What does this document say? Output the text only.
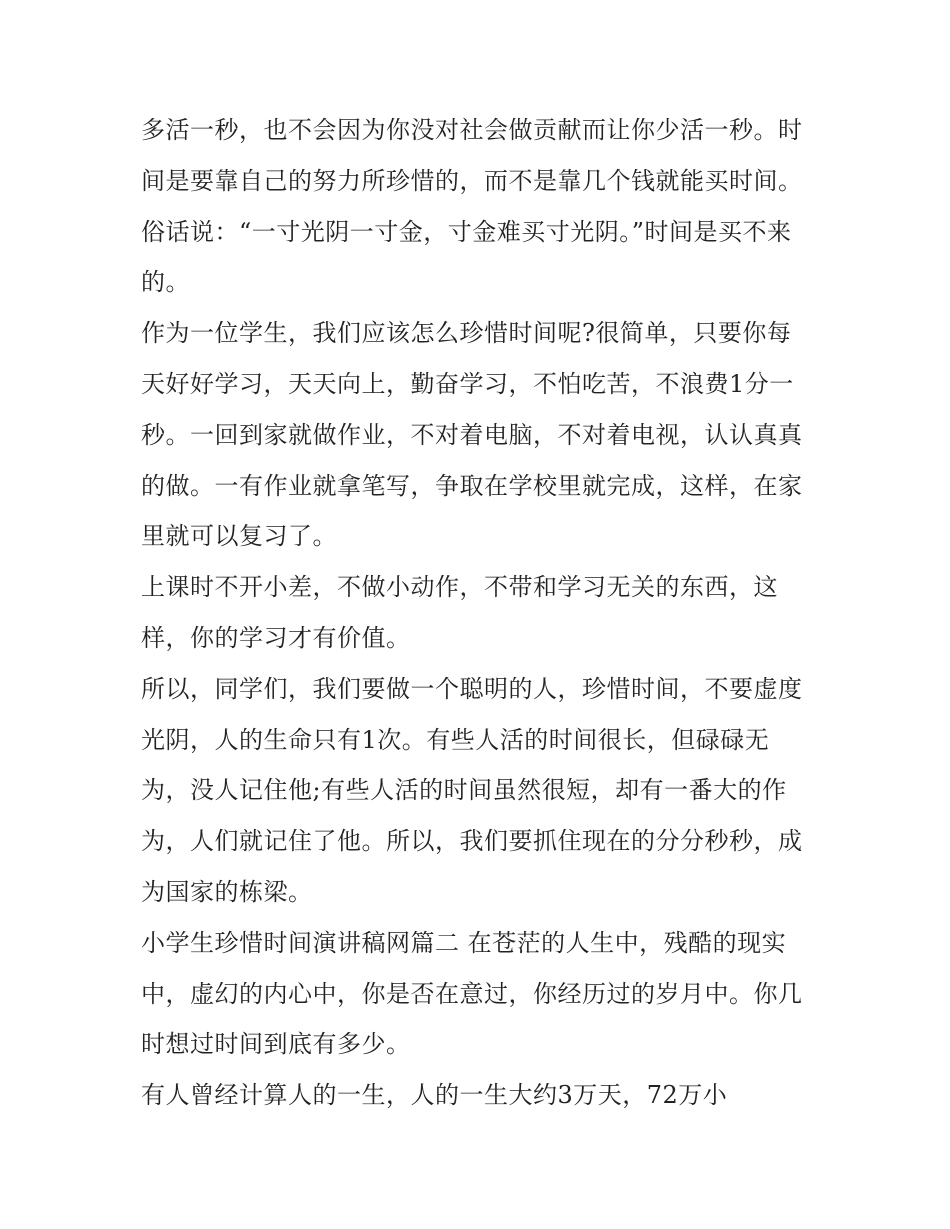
多活一秒，也不会因为你没对社会做贡献而让你少活一秒。时
间是要靠自己的努力所珍惜的，而不是靠几个钱就能买时间。
俗话说：“一寸光阴一寸金，寸金难买寸光阴。”时间是买不来
的。
作为一位学生，我们应该怎么珍惜时间呢?很简单，只要你每
天好好学习，天天向上，勤奋学习，不怕吃苦，不浪费1分一
秒。一回到家就做作业，不对着电脑，不对着电视，认认真真
的做。一有作业就拿笔写，争取在学校里就完成，这样，在家
里就可以复习了。
上课时不开小差，不做小动作，不带和学习无关的东西，这
样，你的学习才有价值。
所以，同学们，我们要做一个聪明的人，珍惜时间，不要虚度
光阴，人的生命只有1次。有些人活的时间很长，但碌碌无
为，没人记住他;有些人活的时间虽然很短，却有一番大的作
为，人们就记住了他。所以，我们要抓住现在的分分秒秒，成
为国家的栋梁。
小学生珍惜时间演讲稿网篇二 在苍茫的人生中，残酷的现实
中，虚幻的内心中，你是否在意过，你经历过的岁月中。你几
时想过时间到底有多少。
有人曾经计算人的一生，人的一生大约3万天，72万小
